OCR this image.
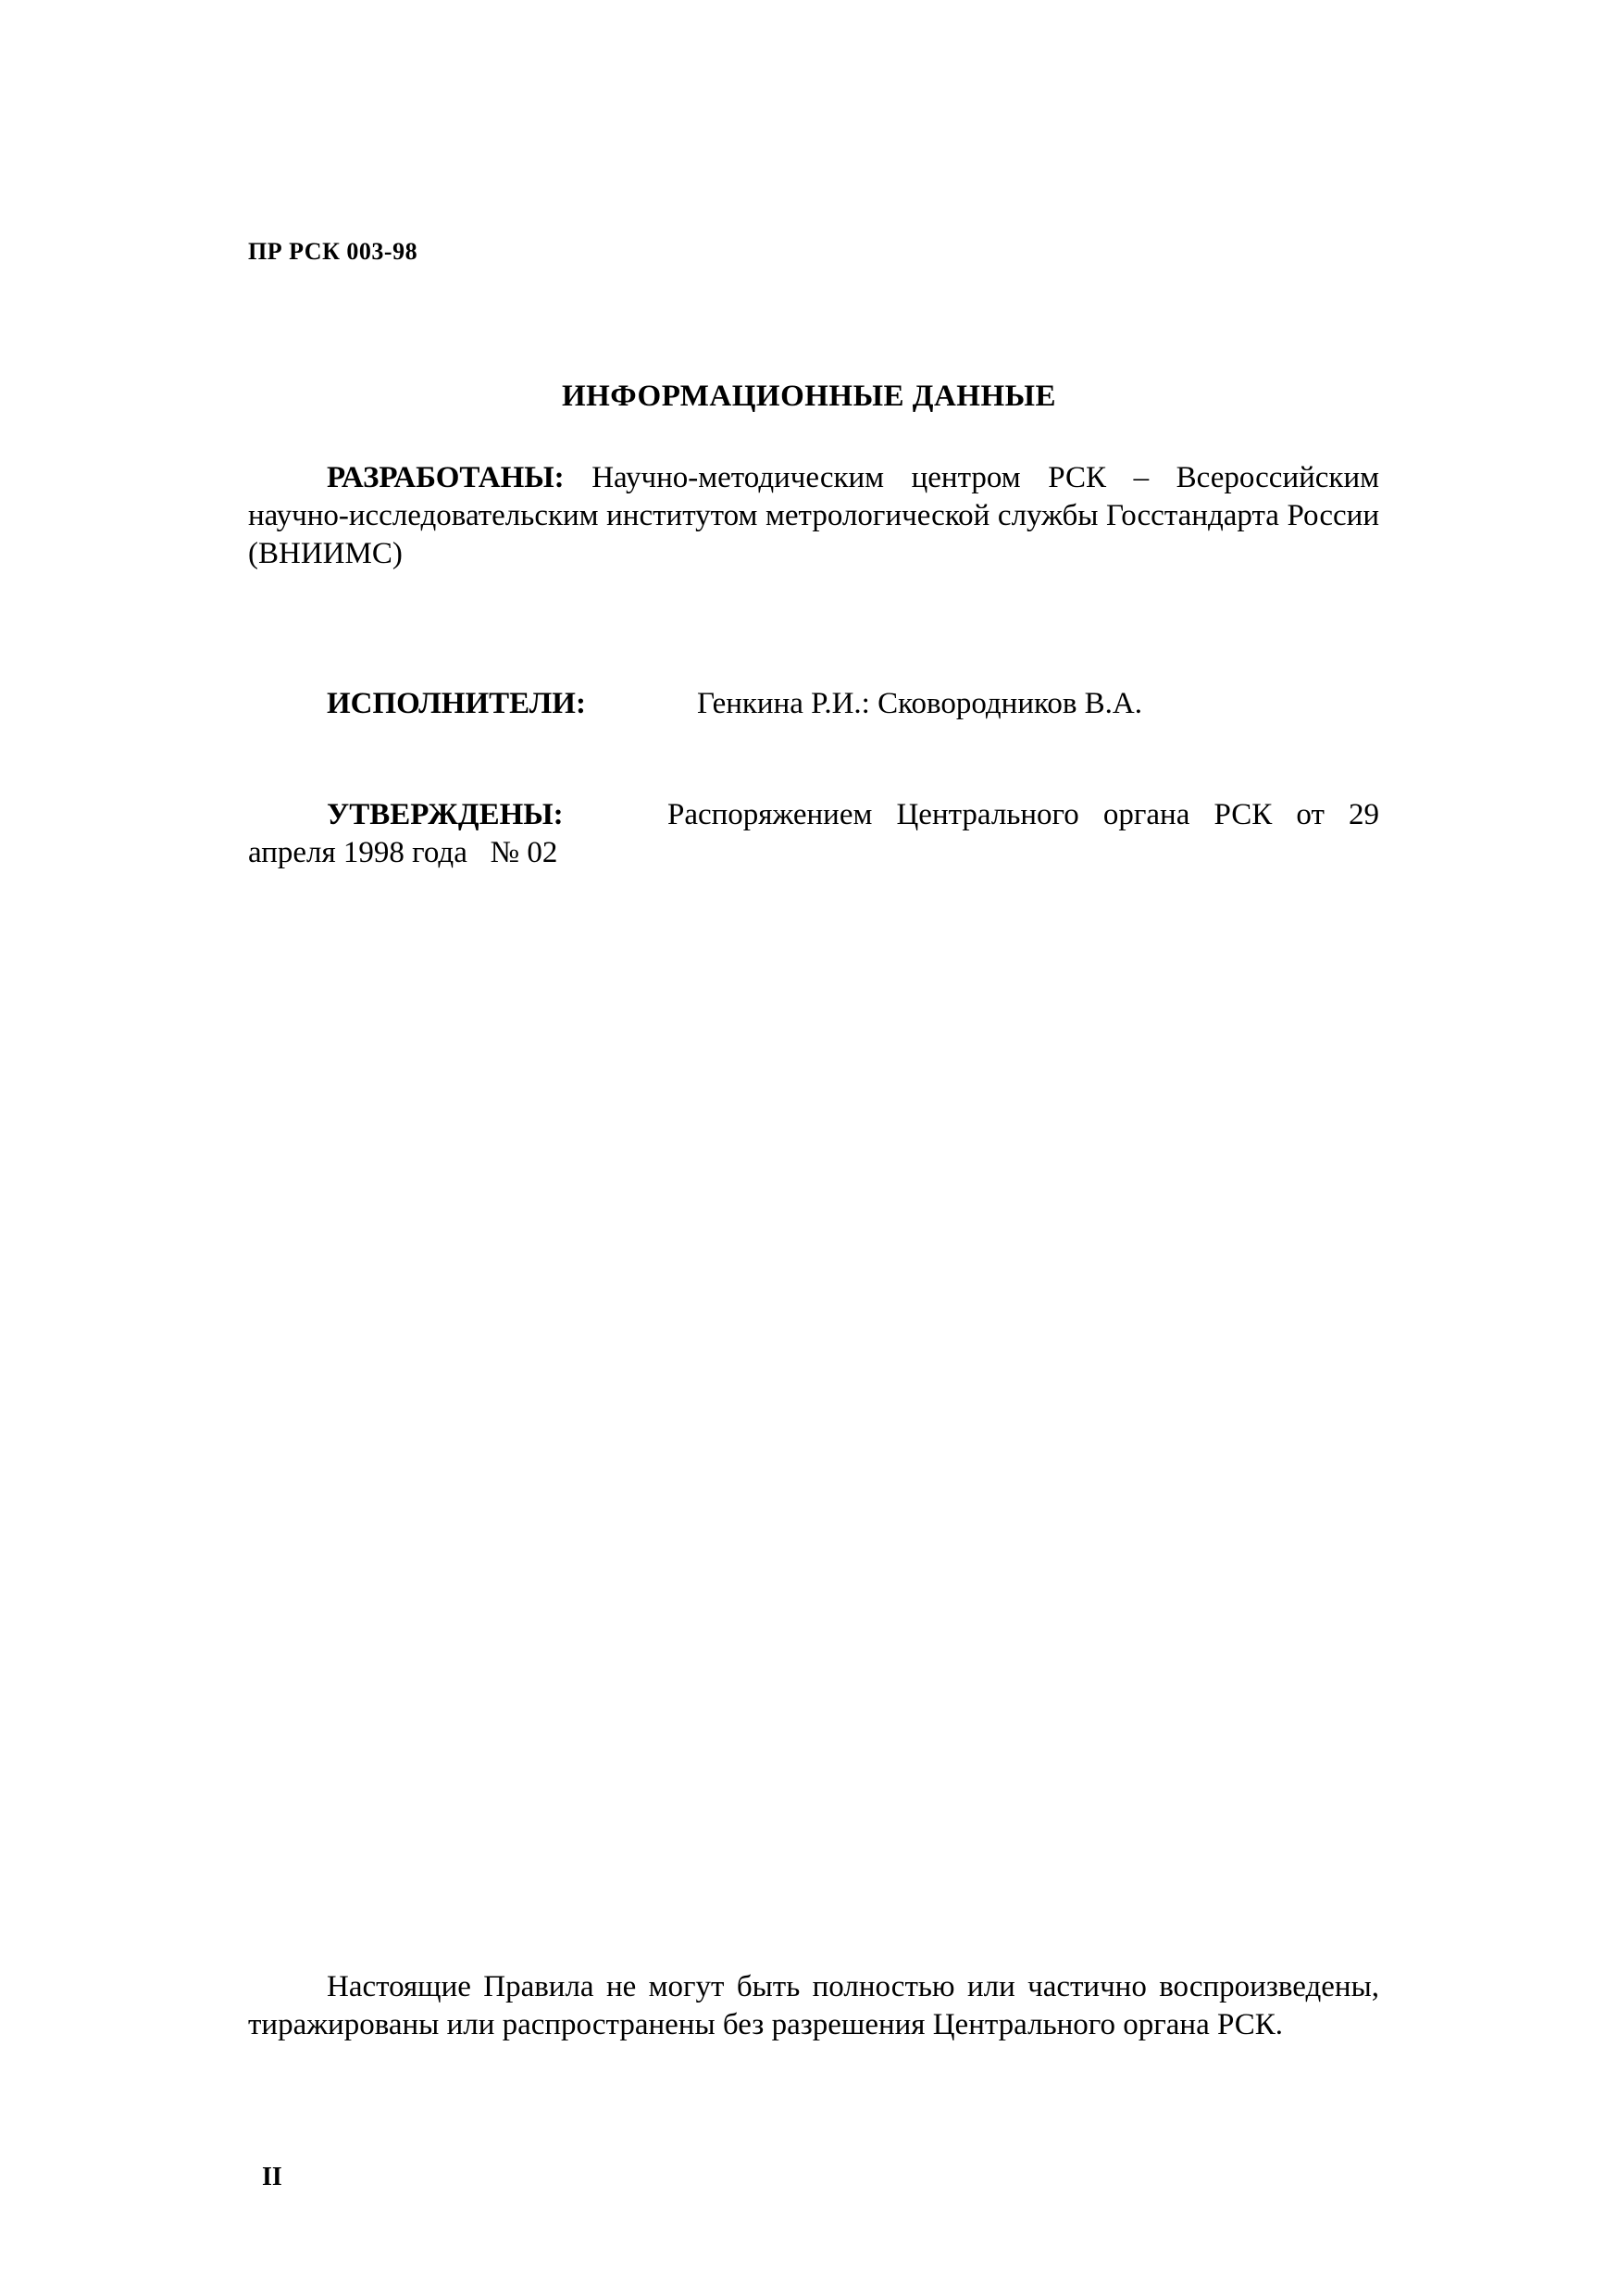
ПР РСК 003-98
ИНФОРМАЦИОННЫЕ ДАННЫЕ
РАЗРАБОТАНЫ: Научно-методическим центром РСК – Всероссийским научно-исследовательским институтом метрологической службы Госстандарта России (ВНИИМС)
ИСПОЛНИТЕЛИ:	Генкина Р.И.: Сковородников В.А.
УТВЕРЖДЕНЫ:	Распоряжением Центрального органа РСК от 29
апреля 1998 года   № 02
Настоящие Правила не могут быть полностью или частично воспроизведены, тиражированы или распространены без разрешения Центрального органа РСК.
II
